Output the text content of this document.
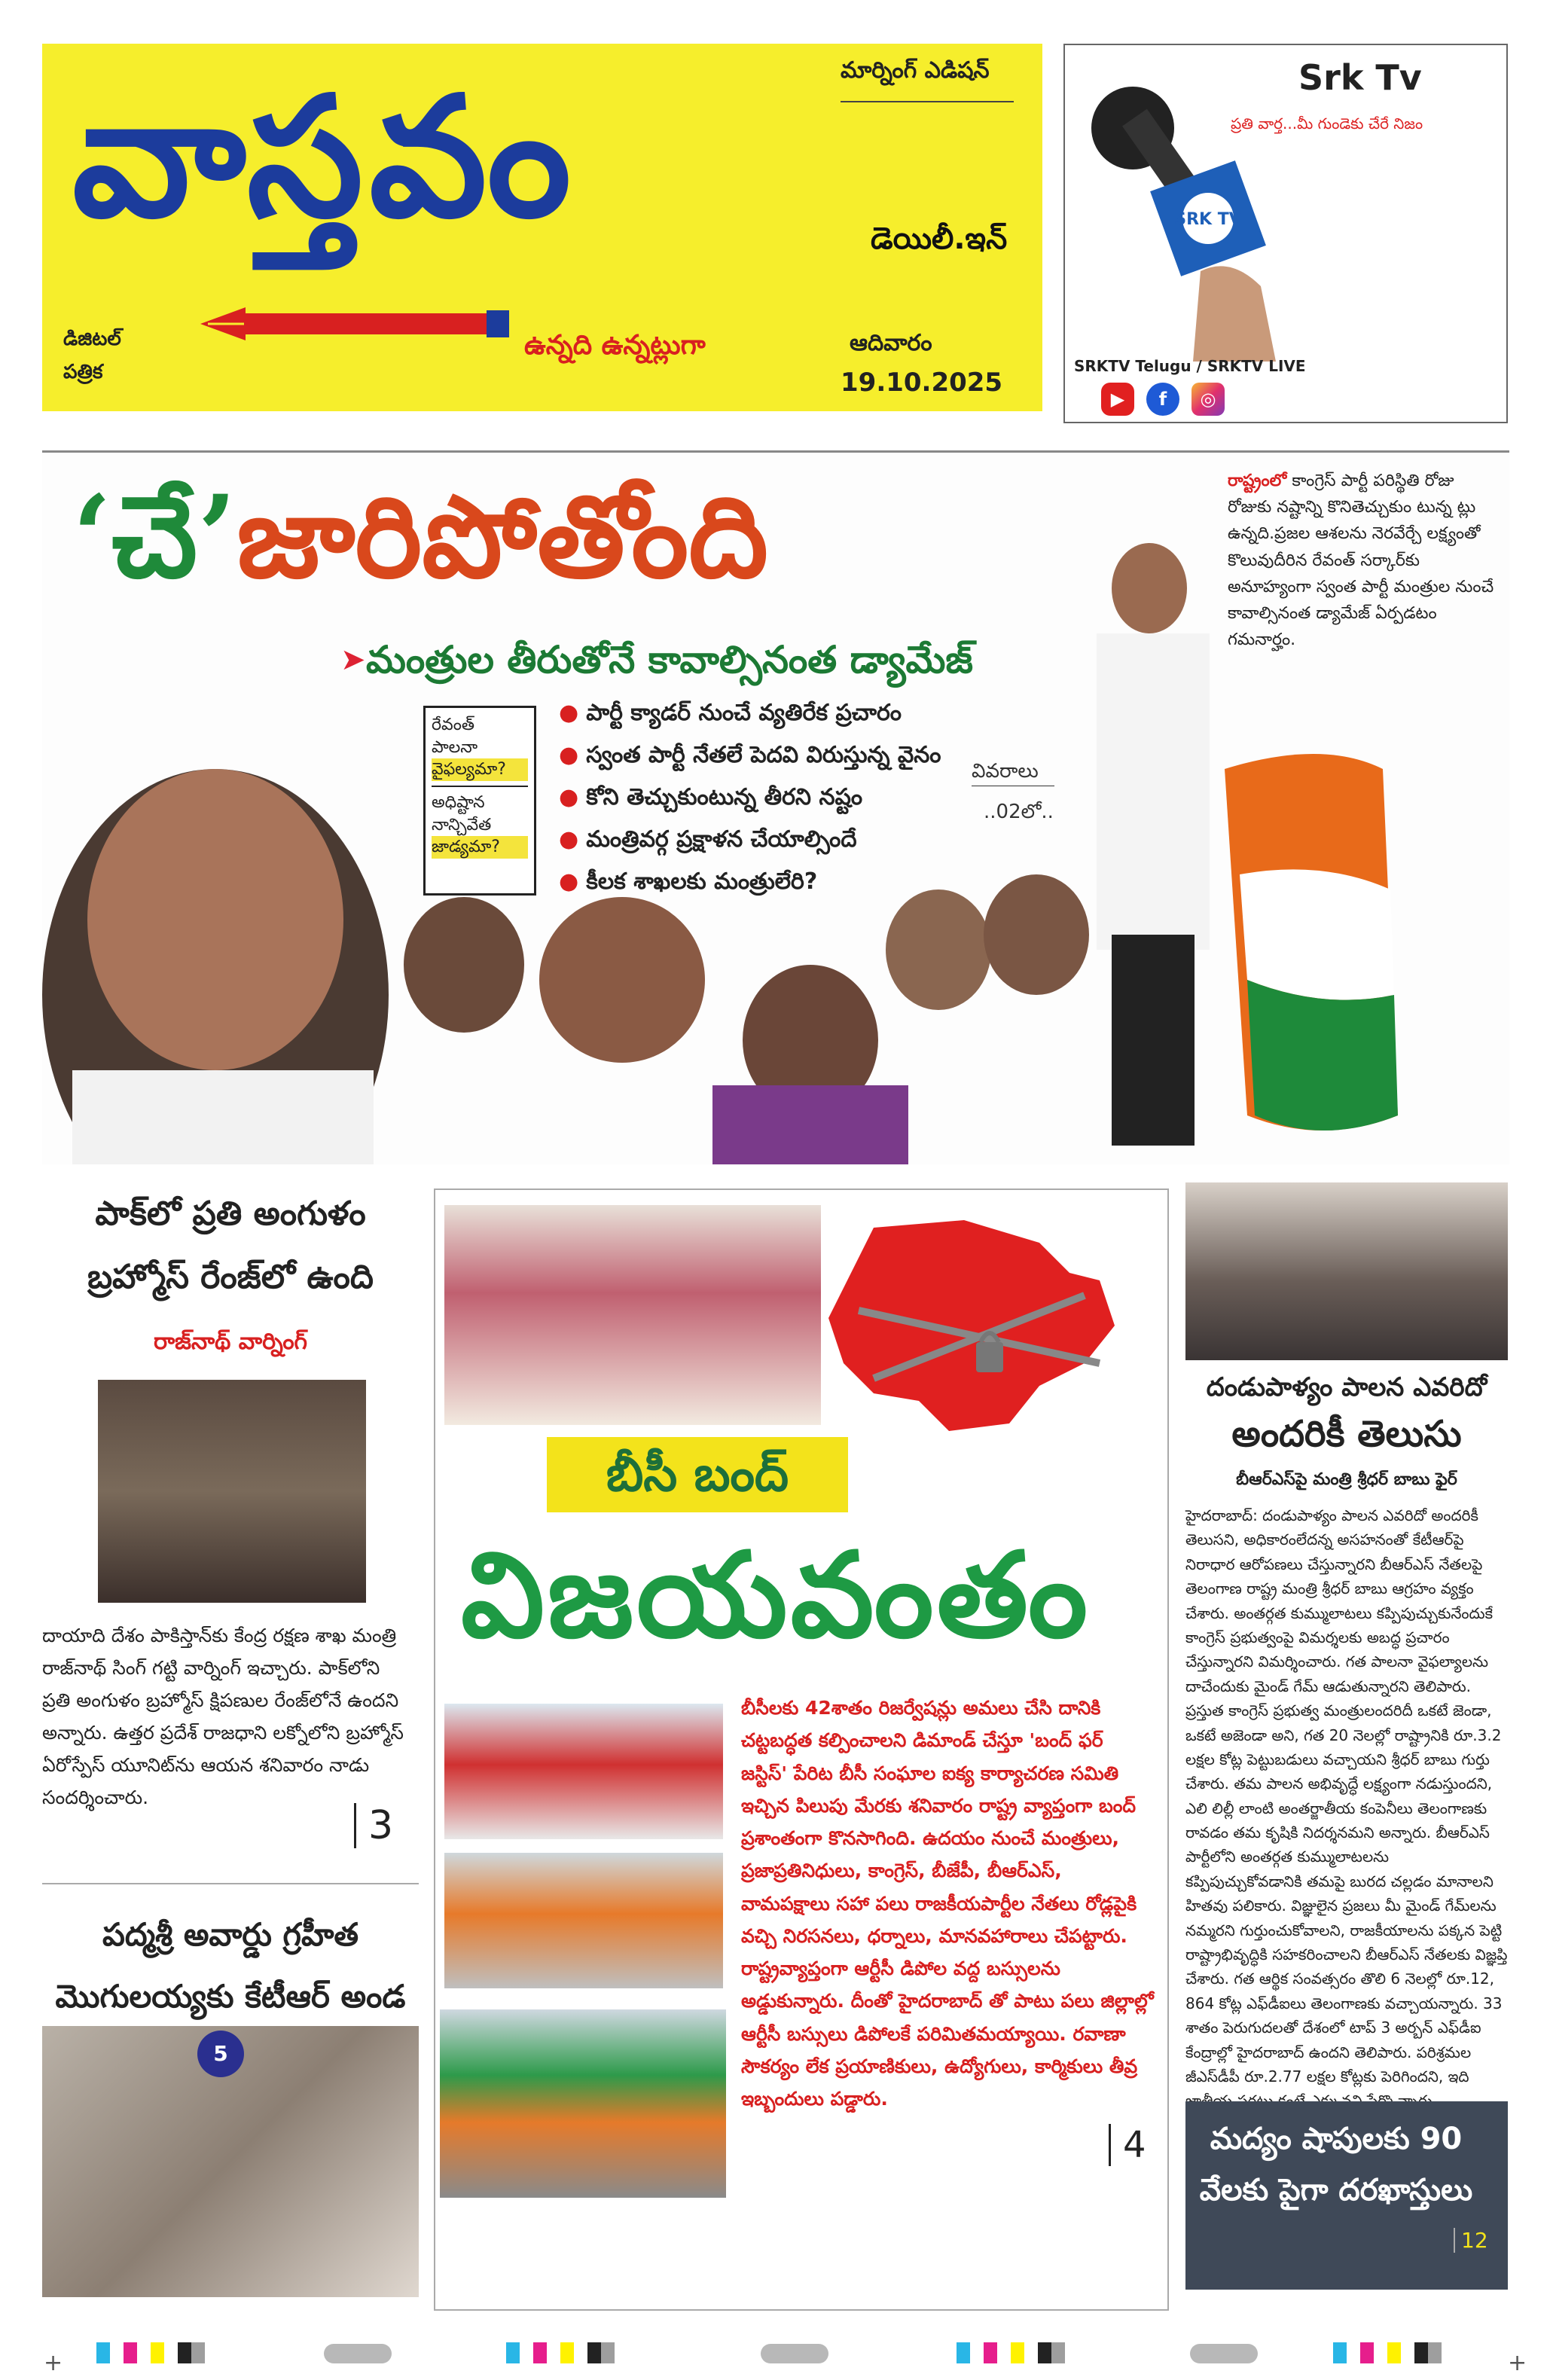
మార్నింగ్ ఎడిషన్
వాస్తవం	డెయిలీ.ఇన్
ఉన్నది ఉన్నట్లుగా
డిజిటల్ పత్రిక
ఆదివారం
19.10.2025
SRK TV
Srk Tv
ప్రతి వార్త...మీ గుండెకు చేరే నిజం
SRKTV Telugu / SRKTV LIVE
▶	f	◎
‘చే’జారిపోతోంది
➤ మంత్రుల తీరుతోనే కావాల్సినంత డ్యామేజ్
రేవంత్
పాలనా
వైఫల్యమా?
అధిష్టాన
నాన్చివేత
జాడ్యమా?
● పార్టీ క్యాడర్ నుంచే వ్యతిరేక ప్రచారం
● స్వంత పార్టీ నేతలే పెదవి విరుస్తున్న వైనం
● కోని తెచ్చుకుంటున్న తీరని నష్టం
● మంత్రివర్గ ప్రక్షాళన చేయాల్సిందే
● కీలక శాఖలకు మంత్రులేరి?
వివరాలు
..02లో..
రాష్ట్రంలో కాంగ్రెస్ పార్టీ పరిస్థితి రోజు రోజుకు నష్టాన్ని కొనితెచ్చుకుం టున్న ట్లు ఉన్నది.ప్రజల ఆశలను నెరవేర్చే లక్ష్యంతో కొలువుదీరిన రేవంత్ సర్కార్‌కు అనూహ్యంగా స్వంత పార్టీ మంత్రుల నుంచే కావాల్సినంత డ్యామేజ్ ఏర్పడటం గమనార్హం.
పాక్‌లో ప్రతి అంగుళం బ్రహ్మోస్ రేంజ్‌లో ఉంది
రాజ్‌నాథ్ వార్నింగ్
దాయాది దేశం పాకిస్తాన్‌కు కేంద్ర రక్షణ శాఖ మంత్రి రాజ్‌నాథ్ సింగ్ గట్టి వార్నింగ్ ఇచ్చారు. పాక్‌లోని ప్రతి అంగుళం బ్రహ్మోస్ క్షిపణుల రేంజ్‌లోనే ఉందని అన్నారు. ఉత్తర ప్రదేశ్ రాజధాని లక్నోలోని బ్రహ్మోస్ ఏరోస్పేస్ యూనిట్‌ను ఆయన శనివారం నాడు సందర్శించారు.
3
పద్మశ్రీ అవార్డు గ్రహీత మొగులయ్యకు కేటీఆర్ అండ
5
బీసీ బంద్
విజయవంతం
బీసీలకు 42శాతం రిజర్వేషన్లు అమలు చేసి దానికి చట్టబద్ధత కల్పించాలని డిమాండ్ చేస్తూ 'బంద్ ఫర్ జస్టిస్' పేరిట బీసీ సంఘాల ఐక్య కార్యాచరణ సమితి ఇచ్చిన పిలుపు మేరకు శనివారం రాష్ట్ర వ్యాప్తంగా బంద్ ప్రశాంతంగా కొనసాగింది. ఉదయం నుంచే మంత్రులు, ప్రజాప్రతినిధులు, కాంగ్రెస్, బీజేపీ, బీఆర్ఎస్, వామపక్షాలు సహా పలు రాజకీయపార్టీల నేతలు రోడ్లపైకి వచ్చి నిరసనలు, ధర్నాలు, మానవహారాలు చేపట్టారు. రాష్ట్రవ్యాప్తంగా ఆర్టీసీ డిపోల వద్ద బస్సులను అడ్డుకున్నారు. దీంతో హైదరాబాద్ తో పాటు పలు జిల్లాల్లో ఆర్టీసీ బస్సులు డిపోలకే పరిమితమయ్యాయి. రవాణా సౌకర్యం లేక ప్రయాణికులు, ఉద్యోగులు, కార్మికులు తీవ్ర ఇబ్బందులు పడ్డారు.
4
దండుపాళ్యం పాలన ఎవరిదో
అందరికీ తెలుసు
బీఆర్ఎస్‌పై మంత్రి శ్రీధర్ బాబు ఫైర్
హైదరాబాద్: దండుపాళ్యం పాలన ఎవరిదో అందరికీ తెలుసని, అధికారంలేదన్న అసహనంతో కేటీఆర్‌పై నిరాధార ఆరోపణలు చేస్తున్నారని బీఆర్ఎస్ నేతలపై తెలంగాణ రాష్ట్ర మంత్రి శ్రీధర్ బాబు ఆగ్రహం వ్యక్తం చేశారు. అంతర్గత కుమ్ములాటలు కప్పిపుచ్చుకునేందుకే కాంగ్రెస్ ప్రభుత్వంపై విమర్శలకు అబద్ధ ప్రచారం చేస్తున్నారని విమర్శించారు. గత పాలనా వైఫల్యాలను దాచేందుకు మైండ్ గేమ్ ఆడుతున్నారని తెలిపారు. ప్రస్తుత కాంగ్రెస్ ప్రభుత్వ మంత్రులందరిదీ ఒకటే జెండా, ఒకటే అజెండా అని, గత 20 నెలల్లో రాష్ట్రానికి రూ.3.2 లక్షల కోట్ల పెట్టుబడులు వచ్చాయని శ్రీధర్ బాబు గుర్తు చేశారు. తమ పాలన అభివృద్ధే లక్ష్యంగా నడుస్తుందని, ఎలి లిల్లీ లాంటి అంతర్జాతీయ కంపెనీలు తెలంగాణకు రావడం తమ కృషికి నిదర్శనమని అన్నారు. బీఆర్ఎస్ పార్టీలోని అంతర్గత కుమ్ములాటలను కప్పిపుచ్చుకోవడానికి తమపై బురద చల్లడం మానాలని హితవు పలికారు. విజ్ఞులైన ప్రజలు మీ మైండ్ గేమ్‌లను నమ్మరని గుర్తుంచుకోవాలని, రాజకీయాలను పక్కన పెట్టి రాష్ట్రాభివృద్ధికి సహకరించాలని బీఆర్ఎస్ నేతలకు విజ్ఞప్తి చేశారు. గత ఆర్థిక సంవత్సరం తొలి 6 నెలల్లో రూ.12, 864 కోట్ల ఎఫ్‌డీఐలు తెలంగాణకు వచ్చాయన్నారు. 33 శాతం పెరుగుదలతో దేశంలో టాప్ 3 అర్బన్ ఎఫ్‌డీఐ కేంద్రాల్లో హైదరాబాద్ ఉందని తెలిపారు. పరిశ్రమల జీఎస్‌డీపీ రూ.2.77 లక్షల కోట్లకు పెరిగిందని, ఇది
మద్యం షాపులకు 90 వేలకు పైగా దరఖాస్తులు
12
+	+
